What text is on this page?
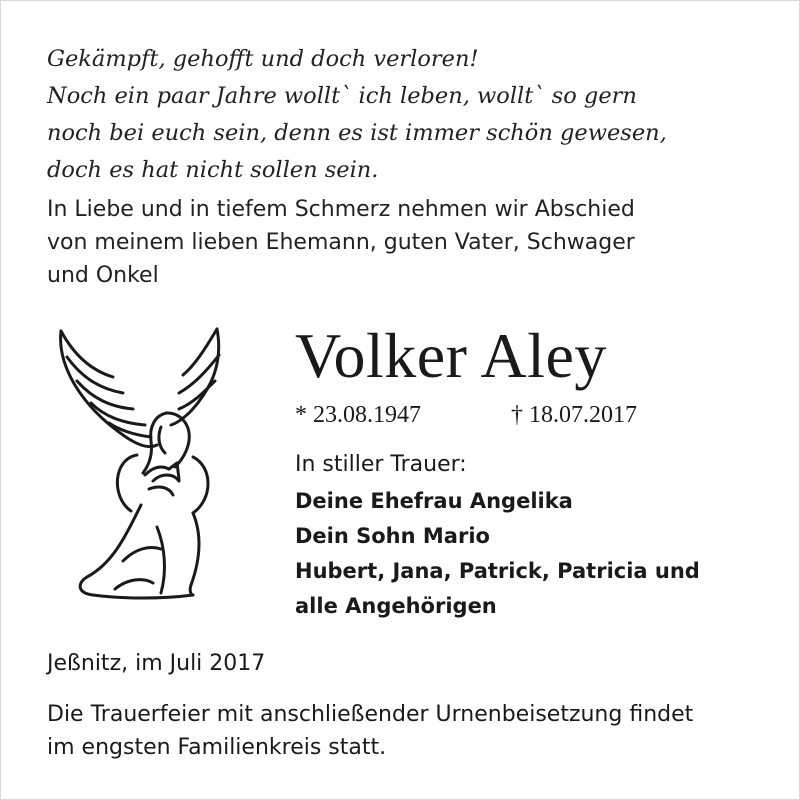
Gekämpft, gehofft und doch verloren!
Noch ein paar Jahre wollt` ich leben, wollt` so gern
noch bei euch sein, denn es ist immer schön gewesen,
doch es hat nicht sollen sein.
In Liebe und in tiefem Schmerz nehmen wir Abschied
von meinem lieben Ehemann, guten Vater, Schwager
und Onkel
Volker Aley
* 23.08.1947	† 18.07.2017
In stiller Trauer:
Deine Ehefrau Angelika
Dein Sohn Mario
Hubert, Jana, Patrick, Patricia und
alle Angehörigen
Jeßnitz, im Juli 2017
Die Trauerfeier mit anschließender Urnenbeisetzung findet
im engsten Familienkreis statt.
